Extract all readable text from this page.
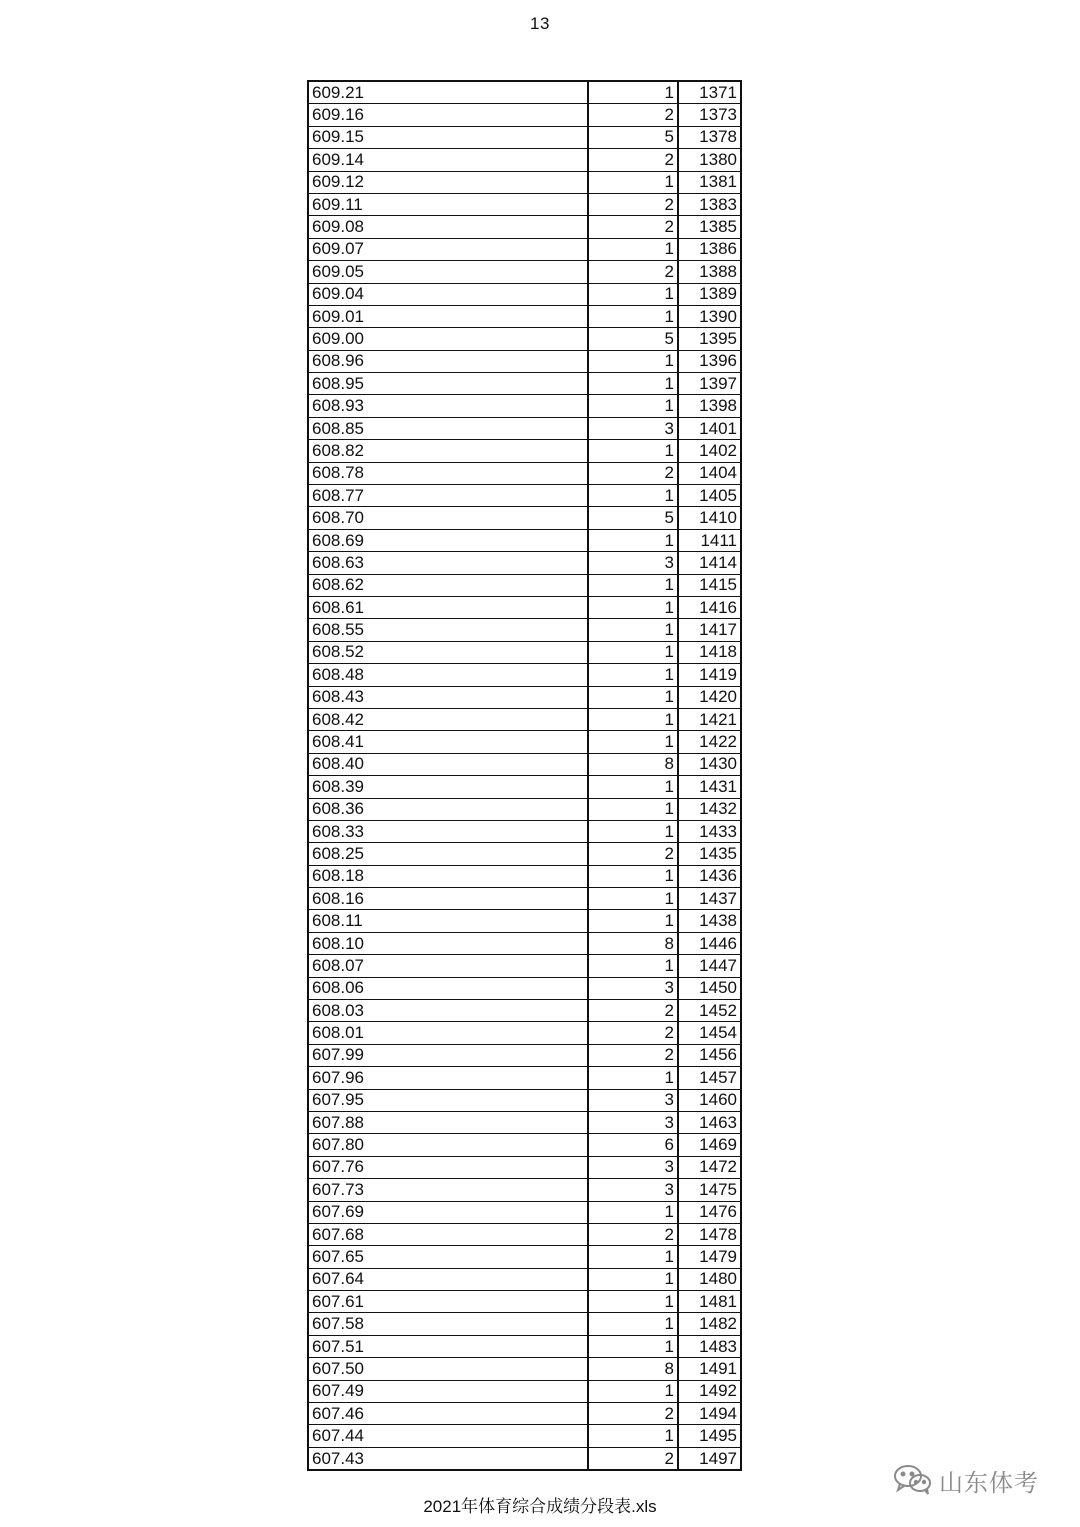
13
609.21	1	1371
609.16	2	1373
609.15	5	1378
609.14	2	1380
609.12	1	1381
609.11	2	1383
609.08	2	1385
609.07	1	1386
609.05	2	1388
609.04	1	1389
609.01	1	1390
609.00	5	1395
608.96	1	1396
608.95	1	1397
608.93	1	1398
608.85	3	1401
608.82	1	1402
608.78	2	1404
608.77	1	1405
608.70	5	1410
608.69	1	1411
608.63	3	1414
608.62	1	1415
608.61	1	1416
608.55	1	1417
608.52	1	1418
608.48	1	1419
608.43	1	1420
608.42	1	1421
608.41	1	1422
608.40	8	1430
608.39	1	1431
608.36	1	1432
608.33	1	1433
608.25	2	1435
608.18	1	1436
608.16	1	1437
608.11	1	1438
608.10	8	1446
608.07	1	1447
608.06	3	1450
608.03	2	1452
608.01	2	1454
607.99	2	1456
607.96	1	1457
607.95	3	1460
607.88	3	1463
607.80	6	1469
607.76	3	1472
607.73	3	1475
607.69	1	1476
607.68	2	1478
607.65	1	1479
607.64	1	1480
607.61	1	1481
607.58	1	1482
607.51	1	1483
607.50	8	1491
607.49	1	1492
607.46	2	1494
607.44	1	1495
607.43	2	1497
2021年体育综合成绩分段表.xls
山东体考
